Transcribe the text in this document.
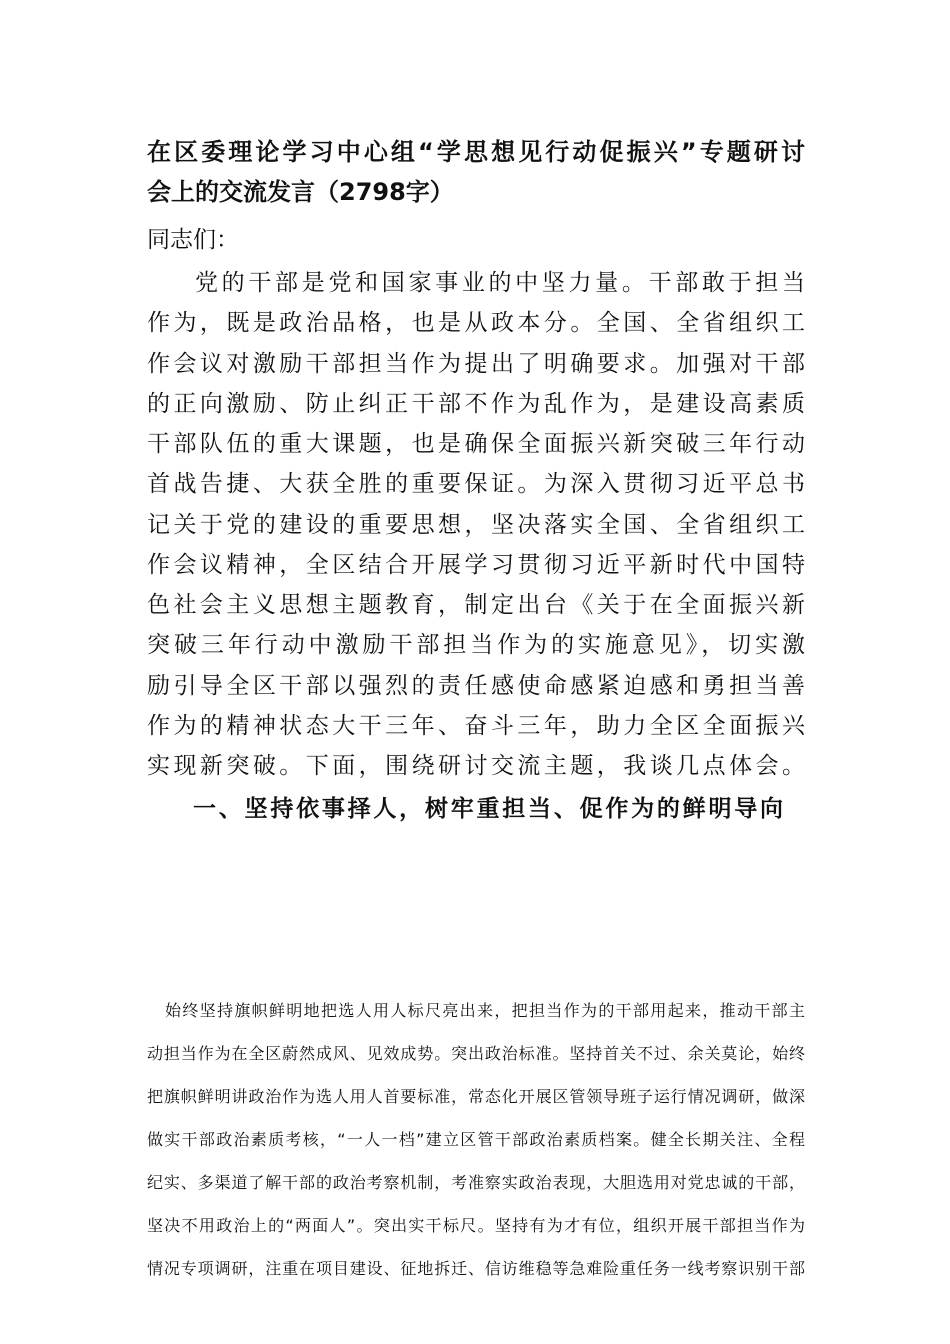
在区委理论学习中心组“学思想见行动促振兴”专题研讨
会上的交流发言（2798字）
同志们：
党的干部是党和国家事业的中坚力量。干部敢于担当
作为，既是政治品格，也是从政本分。全国、全省组织工
作会议对激励干部担当作为提出了明确要求。加强对干部
的正向激励、防止纠正干部不作为乱作为，是建设高素质
干部队伍的重大课题，也是确保全面振兴新突破三年行动
首战告捷、大获全胜的重要保证。为深入贯彻习近平总书
记关于党的建设的重要思想，坚决落实全国、全省组织工
作会议精神，全区结合开展学习贯彻习近平新时代中国特
色社会主义思想主题教育，制定出台《关于在全面振兴新
突破三年行动中激励干部担当作为的实施意见》，切实激
励引导全区干部以强烈的责任感使命感紧迫感和勇担当善
作为的精神状态大干三年、奋斗三年，助力全区全面振兴
实现新突破。下面，围绕研讨交流主题，我谈几点体会。
一、坚持依事择人，树牢重担当、促作为的鲜明导向
始终坚持旗帜鲜明地把选人用人标尺亮出来，把担当作为的干部用起来，推动干部主
动担当作为在全区蔚然成风、见效成势。突出政治标准。坚持首关不过、余关莫论，始终
把旗帜鲜明讲政治作为选人用人首要标准，常态化开展区管领导班子运行情况调研，做深
做实干部政治素质考核，“一人一档”建立区管干部政治素质档案。健全长期关注、全程
纪实、多渠道了解干部的政治考察机制，考准察实政治表现，大胆选用对党忠诚的干部，
坚决不用政治上的“两面人”。突出实干标尺。坚持有为才有位，组织开展干部担当作为
情况专项调研，注重在项目建设、征地拆迁、信访维稳等急难险重任务一线考察识别干部
